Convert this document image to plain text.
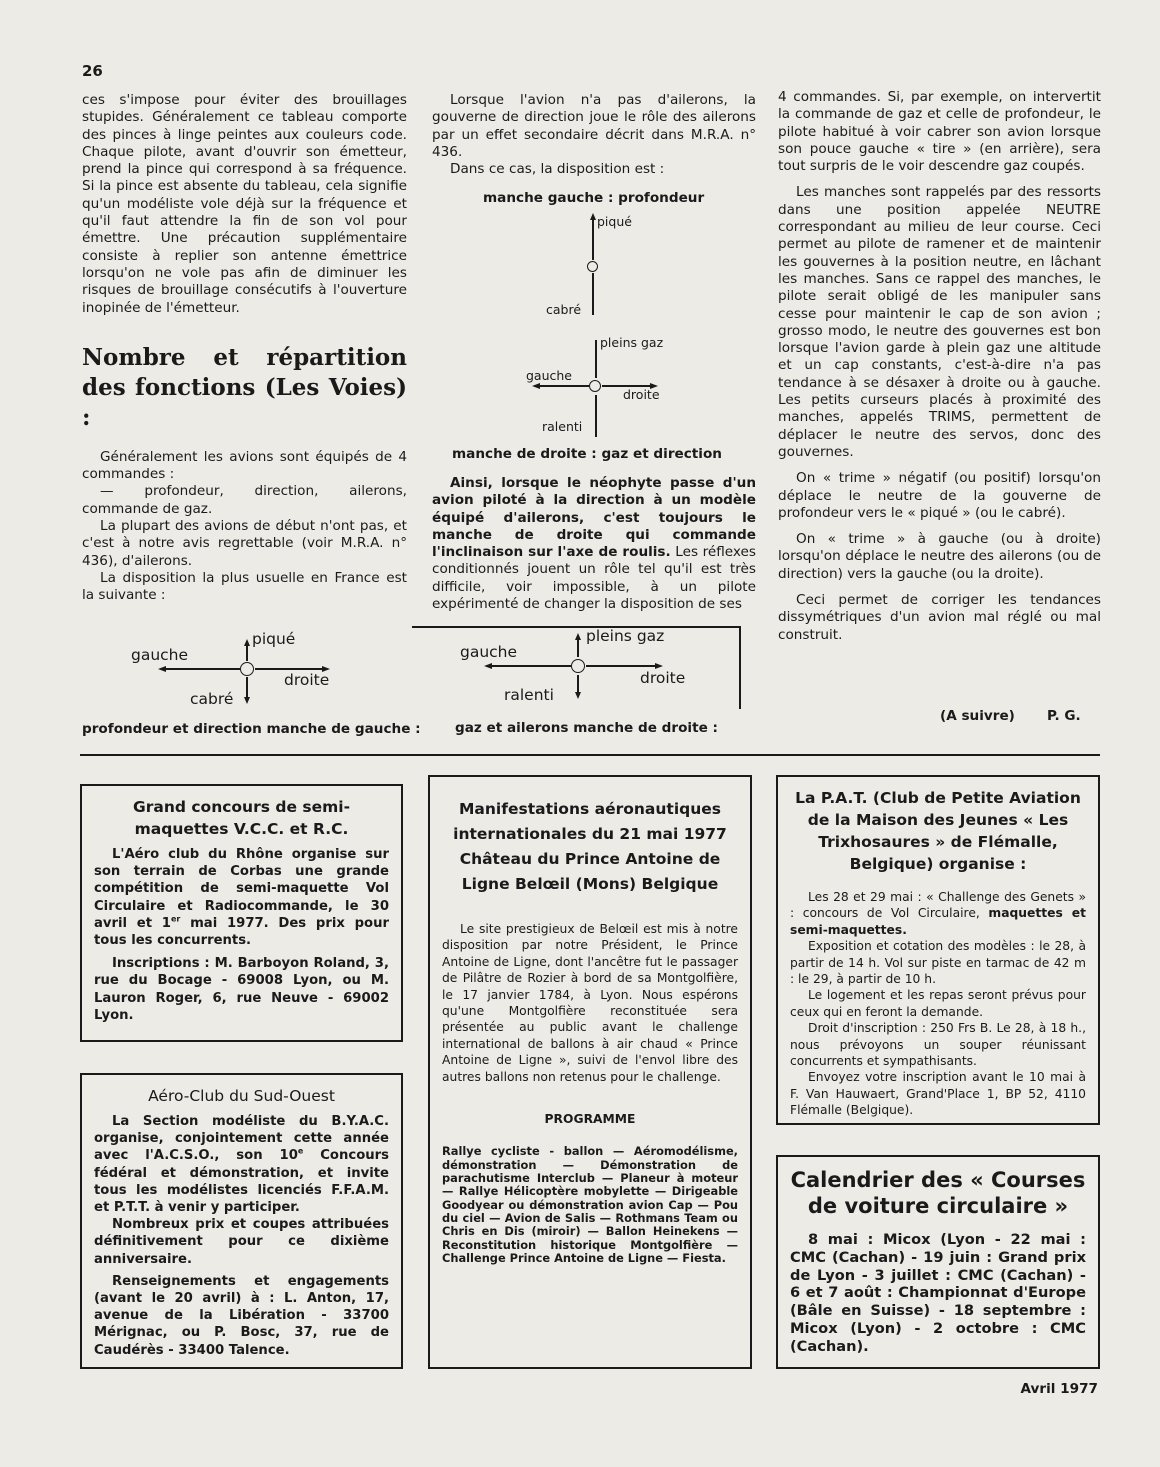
26

ces s'impose pour éviter des brouillages stupides. Généralement ce tableau comporte des pinces à linge peintes aux couleurs code. Chaque pilote, avant d'ouvrir son émetteur, prend la pince qui correspond à sa fréquence. Si la pince est absente du tableau, cela signifie qu'un modéliste vole déjà sur la fréquence et qu'il faut attendre la fin de son vol pour émettre. Une précaution supplémentaire consiste à replier son antenne émettrice lorsqu'on ne vole pas afin de diminuer les risques de brouillage consécutifs à l'ouverture inopinée de l'émetteur.

Nombre et répartition des fonctions (Les Voies) :

Généralement les avions sont équipés de 4 commandes :

— profondeur, direction, ailerons, commande de gaz.

La plupart des avions de début n'ont pas, et c'est à notre avis regrettable (voir M.R.A. n° 436), d'ailerons.

La disposition la plus usuelle en France est la suivante :

Lorsque l'avion n'a pas d'ailerons, la gouverne de direction joue le rôle des ailerons par un effet secondaire décrit dans M.R.A. n° 436.

Dans ce cas, la disposition est :

manche gauche : profondeur
piqué
cabré
pleins gaz
gauche
droite
ralenti
manche de droite : gaz et direction

Ainsi, lorsque le néophyte passe d'un avion piloté à la direction à un modèle équipé d'ailerons, c'est toujours le manche de droite qui commande l'inclinaison sur l'axe de roulis. Les réflexes conditionnés jouent un rôle tel qu'il est très difficile, voir impossible, à un pilote expérimenté de changer la disposition de ses

4 commandes. Si, par exemple, on intervertit la commande de gaz et celle de profondeur, le pilote habitué à voir cabrer son avion lorsque son pouce gauche « tire » (en arrière), sera tout surpris de le voir descendre gaz coupés.

Les manches sont rappelés par des ressorts dans une position appelée NEUTRE correspondant au milieu de leur course. Ceci permet au pilote de ramener et de maintenir les gouvernes à la position neutre, en lâchant les manches. Sans ce rappel des manches, le pilote serait obligé de les manipuler sans cesse pour maintenir le cap de son avion ; grosso modo, le neutre des gouvernes est bon lorsque l'avion garde à plein gaz une altitude et un cap constants, c'est-à-dire n'a pas tendance à se désaxer à droite ou à gauche. Les petits curseurs placés à proximité des manches, appelés TRIMS, permettent de déplacer le neutre des servos, donc des gouvernes.

On « trime » négatif (ou positif) lorsqu'on déplace le neutre de la gouverne de profondeur vers le « piqué » (ou le cabré).

On « trime » à gauche (ou à droite) lorsqu'on déplace le neutre des ailerons (ou de direction) vers la gauche (ou la droite).

Ceci permet de corriger les tendances dissymétriques d'un avion mal réglé ou mal construit.

(A suivre) P. G.
piqué
gauche
droite
cabré
profondeur et direction manche de gauche :
pleins gaz
gauche
droite
ralenti
gaz et ailerons manche de droite :
Grand concours de semi-maquettes V.C.C. et R.C.

L'Aéro club du Rhône organise sur son terrain de Corbas une grande compétition de semi-maquette Vol Circulaire et Radiocommande, le 30 avril et 1er mai 1977. Des prix pour tous les concurrents.

Inscriptions : M. Barboyon Roland, 3, rue du Bocage - 69008 Lyon, ou M. Lauron Roger, 6, rue Neuve - 69002 Lyon.

Aéro-Club du Sud-Ouest

La Section modéliste du B.Y.A.C. organise, conjointement cette année avec l'A.C.S.O., son 10e Concours fédéral et démonstration, et invite tous les modélistes licenciés F.F.A.M. et P.T.T. à venir y participer.

Nombreux prix et coupes attribuées définitivement pour ce dixième anniversaire.

Renseignements et engagements (avant le 20 avril) à : L. Anton, 17, avenue de la Libération - 33700 Mérignac, ou P. Bosc, 37, rue de Caudérès - 33400 Talence.

Manifestations aéronautiques internationales du 21 mai 1977 Château du Prince Antoine de Ligne Belœil (Mons) Belgique

Le site prestigieux de Belœil est mis à notre disposition par notre Président, le Prince Antoine de Ligne, dont l'ancêtre fut le passager de Pilâtre de Rozier à bord de sa Montgolfière, le 17 janvier 1784, à Lyon. Nous espérons qu'une Montgolfière reconstituée sera présentée au public avant le challenge international de ballons à air chaud « Prince Antoine de Ligne », suivi de l'envol libre des autres ballons non retenus pour le challenge.

PROGRAMME

Rallye cycliste - ballon — Aéromodélisme, démonstration — Démonstration de parachutisme Interclub — Planeur à moteur — Rallye Hélicoptère mobylette — Dirigeable Goodyear ou démonstration avion Cap — Pou du ciel — Avion de Salis — Rothmans Team ou Chris en Dis (miroir) — Ballon Heinekens — Reconstitution historique Montgolfière — Challenge Prince Antoine de Ligne — Fiesta.

La P.A.T. (Club de Petite Aviation de la Maison des Jeunes « Les Trixhosaures » de Flémalle, Belgique) organise :

Les 28 et 29 mai : « Challenge des Genets » : concours de Vol Circulaire, maquettes et semi-maquettes.

Exposition et cotation des modèles : le 28, à partir de 14 h. Vol sur piste en tarmac de 42 m : le 29, à partir de 10 h.

Le logement et les repas seront prévus pour ceux qui en feront la demande.

Droit d'inscription : 250 Frs B. Le 28, à 18 h., nous prévoyons un souper réunissant concurrents et sympathisants.

Envoyez votre inscription avant le 10 mai à F. Van Hauwaert, Grand'Place 1, BP 52, 4110 Flémalle (Belgique).

Calendrier des « Courses de voiture circulaire »

8 mai : Micox (Lyon - 22 mai : CMC (Cachan) - 19 juin : Grand prix de Lyon - 3 juillet : CMC (Cachan) - 6 et 7 août : Championnat d'Europe (Bâle en Suisse) - 18 septembre : Micox (Lyon) - 2 octobre : CMC (Cachan).

Avril 1977
